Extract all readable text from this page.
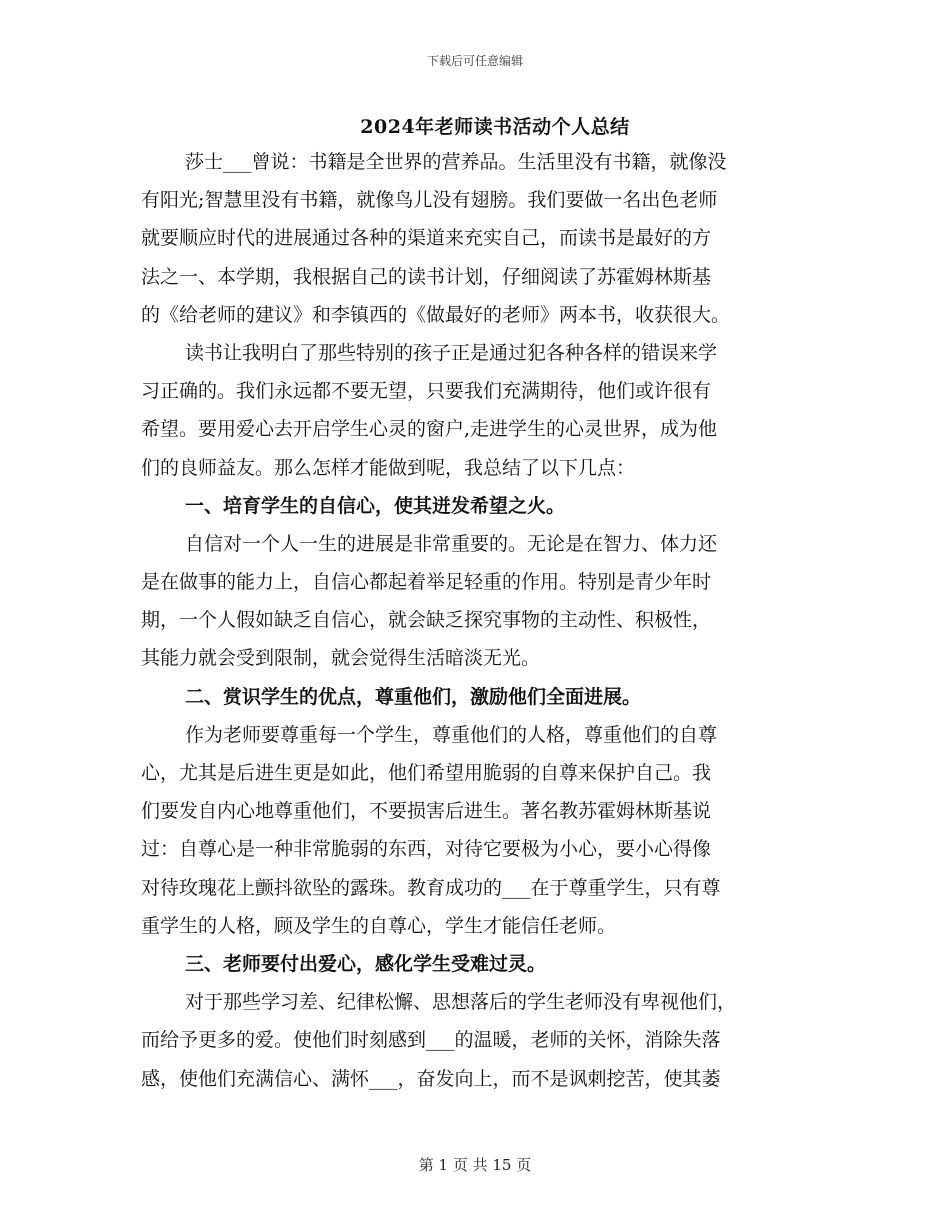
下载后可任意编辑
2024年老师读书活动个人总结
莎士___曾说：书籍是全世界的营养品。生活里没有书籍，就像没
有阳光;智慧里没有书籍，就像鸟儿没有翅膀。我们要做一名出色老师
就要顺应时代的进展通过各种的渠道来充实自己，而读书是最好的方
法之一、本学期，我根据自己的读书计划，仔细阅读了苏霍姆林斯基
的《给老师的建议》和李镇西的《做最好的老师》两本书，收获很大。
读书让我明白了那些特别的孩子正是通过犯各种各样的错误来学
习正确的。我们永远都不要无望，只要我们充满期待，他们或许很有
希望。要用爱心去开启学生心灵的窗户,走进学生的心灵世界，成为他
们的良师益友。那么怎样才能做到呢，我总结了以下几点：
一、培育学生的自信心，使其迸发希望之火。
自信对一个人一生的进展是非常重要的。无论是在智力、体力还
是在做事的能力上，自信心都起着举足轻重的作用。特别是青少年时
期，一个人假如缺乏自信心，就会缺乏探究事物的主动性、积极性，
其能力就会受到限制，就会觉得生活暗淡无光。
二、赏识学生的优点，尊重他们，激励他们全面进展。
作为老师要尊重每一个学生，尊重他们的人格，尊重他们的自尊
心，尤其是后进生更是如此，他们希望用脆弱的自尊来保护自己。我
们要发自内心地尊重他们，不要损害后进生。著名教苏霍姆林斯基说
过：自尊心是一种非常脆弱的东西，对待它要极为小心，要小心得像
对待玫瑰花上颤抖欲坠的露珠。教育成功的___在于尊重学生，只有尊
重学生的人格，顾及学生的自尊心，学生才能信任老师。
三、老师要付出爱心，感化学生受难过灵。
对于那些学习差、纪律松懈、思想落后的学生老师没有卑视他们，
而给予更多的爱。使他们时刻感到___的温暖，老师的关怀，消除失落
感，使他们充满信心、满怀___，奋发向上，而不是讽刺挖苦，使其萎
第 1 页 共 15 页
